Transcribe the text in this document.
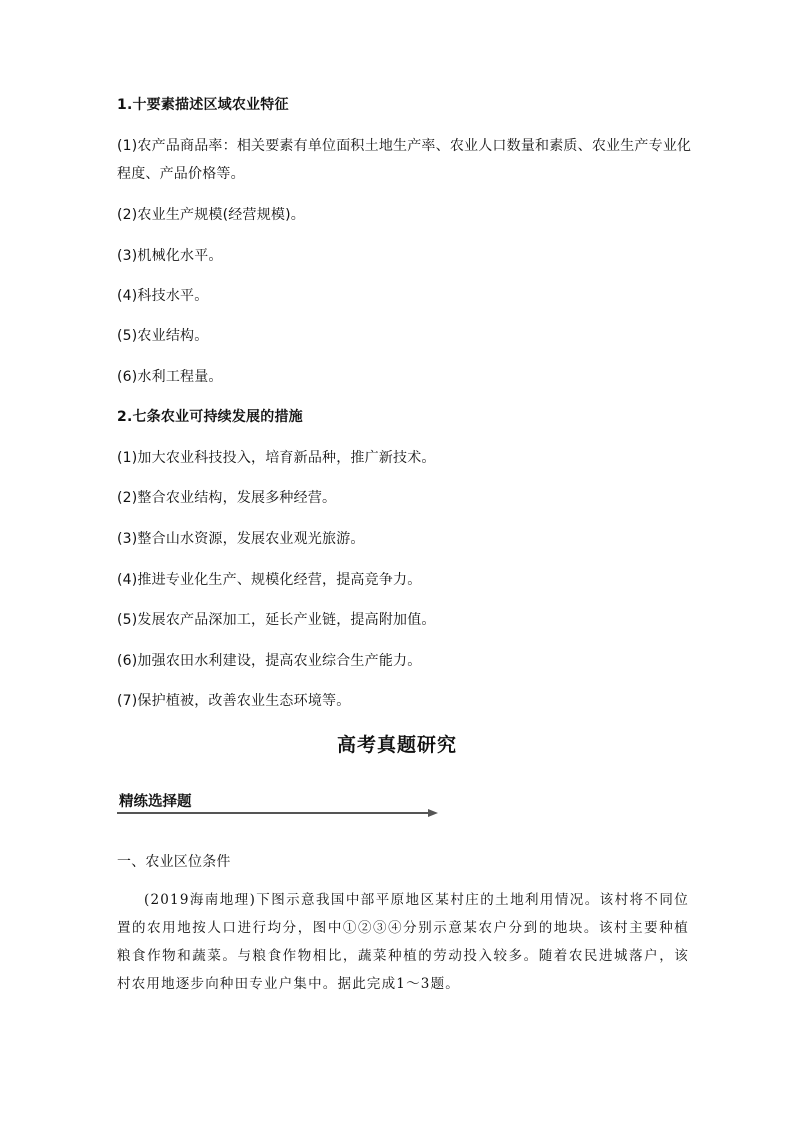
1.十要素描述区域农业特征
(1)农产品商品率：相关要素有单位面积土地生产率、农业人口数量和素质、农业生产专业化
程度、产品价格等。
(2)农业生产规模(经营规模)。
(3)机械化水平。
(4)科技水平。
(5)农业结构。
(6)水利工程量。
2.七条农业可持续发展的措施
(1)加大农业科技投入，培育新品种，推广新技术。
(2)整合农业结构，发展多种经营。
(3)整合山水资源，发展农业观光旅游。
(4)推进专业化生产、规模化经营，提高竞争力。
(5)发展农产品深加工，延长产业链，提高附加值。
(6)加强农田水利建设，提高农业综合生产能力。
(7)保护植被，改善农业生态环境等。
高考真题研究
精练选择题
一、农业区位条件
(2019海南地理)下图示意我国中部平原地区某村庄的土地利用情况。该村将不同位置的农用地按人口进行均分，图中①②③④分别示意某农户分到的地块。该村主要种植粮食作物和蔬菜。与粮食作物相比，蔬菜种植的劳动投入较多。随着农民进城落户，该村农用地逐步向种田专业户集中。据此完成1～3题。
